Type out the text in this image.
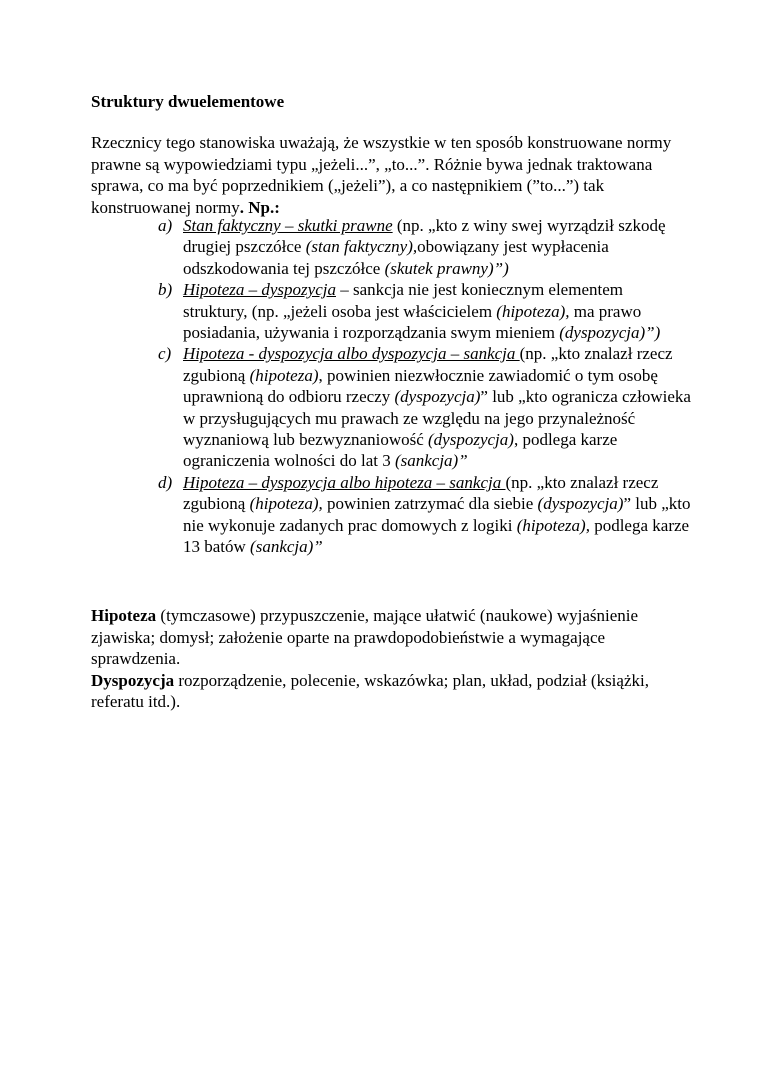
Struktury dwuelementowe
Rzecznicy tego stanowiska uważają, że wszystkie w ten sposób konstruowane normy prawne są wypowiedziami typu „jeżeli...”, „to...”. Różnie bywa jednak traktowana sprawa, co ma być poprzednikiem („jeżeli”), a co następnikiem (”to...”) tak konstruowanej normy. Np.:
a) Stan faktyczny – skutki prawne (np. „kto z winy swej wyrządził szkodę drugiej pszczółce (stan faktyczny),obowiązany jest wypłacenia odszkodowania tej pszczółce (skutek prawny)”)
b) Hipoteza – dyspozycja – sankcja nie jest koniecznym elementem struktury, (np. „jeżeli osoba jest właścicielem (hipoteza), ma prawo posiadania, używania i rozporządzania swym mieniem (dyspozycja)”)
c) Hipoteza - dyspozycja albo dyspozycja – sankcja (np. „kto znalazł rzecz zgubioną (hipoteza), powinien niezwłocznie zawiadomić o tym osobę uprawnioną do odbioru rzeczy (dyspozycja)” lub „kto ogranicza człowieka w przysługujących mu prawach ze względu na jego przynależność wyznaniową lub bezwyznaniowość (dyspozycja), podlega karze ograniczenia wolności do lat 3 (sankcja)”
d) Hipoteza – dyspozycja albo hipoteza – sankcja (np. „kto znalazł rzecz zgubioną (hipoteza), powinien zatrzymać dla siebie (dyspozycja)” lub „kto nie wykonuje zadanych prac domowych z logiki (hipoteza), podlega karze 13 batów (sankcja)”
Hipoteza (tymczasowe) przypuszczenie, mające ułatwić (naukowe) wyjaśnienie zjawiska; domysł; założenie oparte na prawdopodobieństwie a wymagające sprawdzenia.
Dyspozycja rozporządzenie, polecenie, wskazówka; plan, układ, podział (książki, referatu itd.).
